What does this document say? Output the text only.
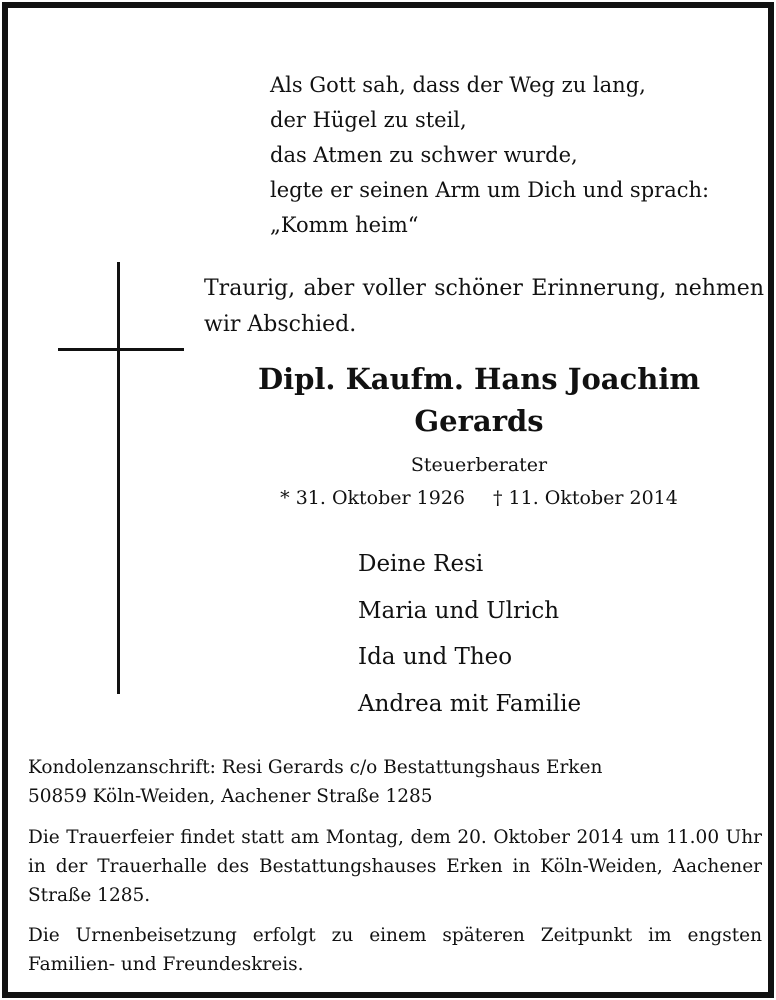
Als Gott sah, dass der Weg zu lang,
der Hügel zu steil,
das Atmen zu schwer wurde,
legte er seinen Arm um Dich und sprach:
„Komm heim“
Traurig, aber voller schöner Erinnerung, nehmen wir Abschied.
Dipl. Kaufm. Hans Joachim
Gerards
Steuerberater
* 31. Oktober 1926 † 11. Oktober 2014
Deine Resi
Maria und Ulrich
Ida und Theo
Andrea mit Familie
Kondolenzanschrift: Resi Gerards c/o Bestattungshaus Erken
50859 Köln-Weiden, Aachener Straße 1285
Die Trauerfeier findet statt am Montag, dem 20. Oktober 2014 um 11.00 Uhr in der Trauerhalle des Bestattungshauses Erken in Köln-Weiden, Aachener Straße 1285.
Die Urnenbeisetzung erfolgt zu einem späteren Zeitpunkt im engsten Familien- und Freundeskreis.
